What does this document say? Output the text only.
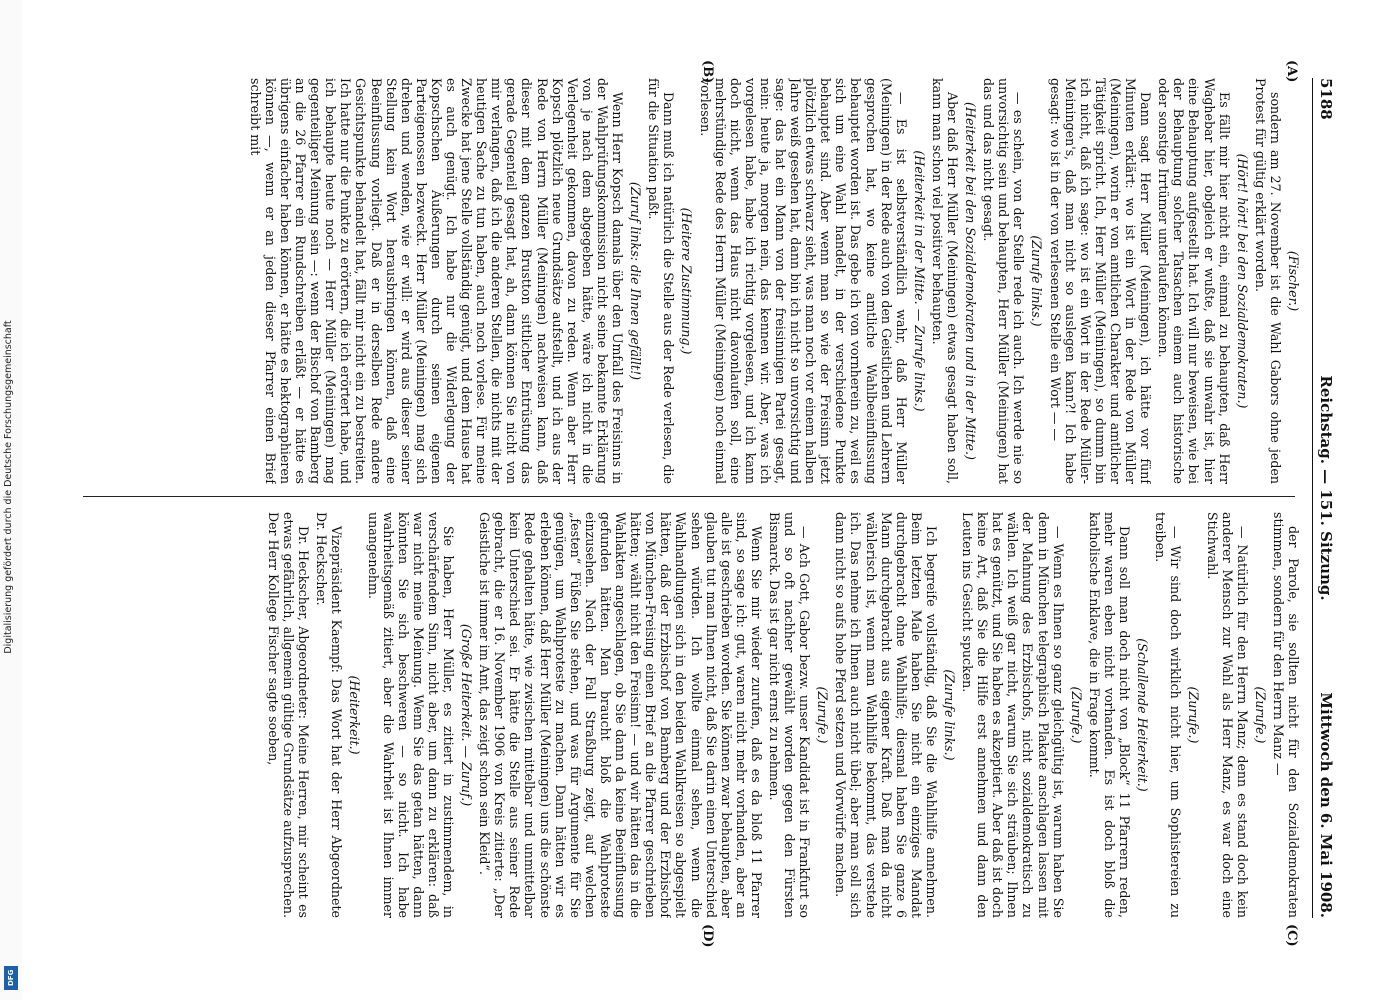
Digitalisierung gefördert durch die Deutsche Forschungsgemeinschaft
DFG
5188
Reichstag. — 151. Sitzung.
Mittwoch den 6. Mai 1908.
(A)
(B)
(C)
(D)

(Fischer.)

sondern am 27. November ist die Wahl Gabors ohne jeden Protest für gültig erklärt worden.

(Hört! hört! bei den Sozialdemokraten.)

Es fällt mir hier nicht ein, einmal zu behaupten, daß Herr Waghebar hier, obgleich er wußte, daß sie unwahr ist, hier eine Behauptung aufgestellt hat. Ich will nur beweisen, wie bei der Behauptung solcher Tatsachen einem auch historische oder sonstige Irrtümer unterlaufen können.

Dann sagt Herr Müller (Meiningen), ich hätte vor fünf Minuten erklärt: wo ist ein Wort in der Rede von Müller (Meiningen), worin er von amtlichen Charakter und amtlicher Tätigkeit spricht. Ich, Herr Müller (Meiningen), so dumm bin ich nicht, daß ich sage: wo ist ein Wort in der Rede Müller-Meiningen's, daß man nicht so auslegen kann?! Ich habe gesagt: wo ist in der von verlesenen Stelle ein Wort — —

(Zurufe links.)

— es schein, von der Stelle rede ich auch. Ich werde nie so unvorsichtig sein und behaupten, Herr Müller (Meiningen) hat das und das nicht gesagt.

(Heiterkeit bei den Sozialdemokraten und in der Mitte.)

Aber daß Herr Müller (Meiningen) etwas gesagt haben soll, kann man schon viel positiver behaupten.

(Heiterkeit in der Mitte. — Zurufe links.)

— Es ist selbstverständlich wahr, daß Herr Müller (Meiningen) in der Rede auch von den Geistlichen und Lehrern gesprochen hat, wo keine amtliche Wahlbeeinflussung behauptet worden ist. Das gebe ich von vornherein zu, weil es sich um eine Wahl handelt, in der verschiedene Punkte behauptet sind. Aber wenn man so wie der Freisinn jetzt plötzlich etwas schwarz sieht, was man noch vor einem halben Jahre weiß gesehen hat, dann bin ich nicht so unvorsichtig und sage: das hat ein Mann von der freisinnigen Partei gesagt, nein: heute ja, morgen nein, das kennen wir. Aber, was ich vorgelesen habe, habe ich richtig vorgelesen, und ich kann doch nicht, wenn das Haus nicht davonlaufen soll, eine mehrstündige Rede des Herrn Müller (Meiningen) noch einmal vorlesen.

(Heitere Zustimmung.)

Dann muß ich natürlich die Stelle aus der Rede verlesen, die für die Situation paßt.

(Zuruf links: die Ihnen gefällt!)

Wenn Herr Kopsch damals über den Umfall des Freisinns in der Wahlprüfungskommission nicht seine bekannte Erklärung von je nach dem abgegeben hätte, wäre ich nicht in die Verlegenheit gekommen, davon zu reden. Wenn aber Herr Kopsch plötzlich neue Grundsätze aufstellt, und ich aus der Rede von Herrn Müller (Meiningen) nachweisen kann, daß dieser mit dem ganzen Brustton sittlicher Entrüstung das gerade Gegenteil gesagt hat, ah, dann können Sie nicht von mir verlangen, daß ich die anderen Stellen, die nichts mit der heutigen Sache zu tun haben, auch noch vorlese. Für meine Zwecke hat jene Stelle vollständig genügt, und dem Hause hat es auch genügt. Ich habe nur die Widerlegung der Kopschschen Äußerungen durch seinen eigenen Parteigenossen bezweckt. Herr Müller (Meiningen) mag sich drehen und wenden, wie er will: er wird aus dieser seiner Stellung kein Wort herausbringen können, daß eine Beeinflussung vorliegt. Daß er in derselben Rede andere Gesichtspunkte behandelt hat, fällt mir nicht ein zu bestreiten. Ich hatte nur die Punkte zu erörtern, die ich erörtert habe, und ich behaupte heute noch — Herr Müller (Meiningen) mag gegenteiliger Meinung sein —: wenn der Bischof von Bamberg an die 26 Pfarrer ein Rundschreiben erläßt — er hätte es übrigens einfacher haben können, er hätte es hektographieren können —, wenn er an jeden dieser Pfarrer einen Brief schreibt mit

der Parole, sie sollten nicht für den Sozialdemokraten stimmen, sondern für den Herrn Manz —

(Zurufe.)

— Natürlich für den Herrn Manz; denn es stand doch kein anderer Mensch zur Wahl als Herr Manz, es war doch eine Stichwahl.

(Zurufe.)

— Wir sind doch wirklich nicht hier, um Sophistereien zu treiben.

(Schallende Heiterkeit.)

Dann soll man doch nicht von „Block“ 11 Pfarrern reden, mehr waren eben nicht vorhanden. Es ist doch bloß die katholische Enklave, die in Frage kommt.

(Zurufe.)

— Wenn es Ihnen so ganz gleichgültig ist, warum haben Sie denn in München telegraphisch Plakate anschlagen lassen mit der Mahnung des Erzbischofs, nicht sozialdemokratisch zu wählen. Ich weiß gar nicht, warum Sie sich sträuben; Ihnen hat es genützt, und Sie haben es akzeptiert. Aber daß ist doch keine Art, daß Sie die Hilfe erst annehmen und dann den Leuten ins Gesicht spucken.

(Zurufe links.)

Ich begreife vollständig, daß Sie die Wahlhilfe annehmen. Beim letzten Male haben Sie nicht ein einziges Mandat durchgebracht ohne Wahlhilfe; diesmal haben Sie ganze 6 Mann durchgebracht aus eigener Kraft. Daß man da nicht wählerisch ist, wenn man Wahlhilfe bekommt, das verstehe ich. Das nehme ich Ihnen auch nicht übel; aber man soll sich dann nicht so aufs hohe Pferd setzen und Vorwürfe machen.

(Zurufe.)

— Ach Gott, Gabor bezw. unser Kandidat ist in Frankfurt so und so oft nachher gewählt worden gegen den Fürsten Bismarck. Das ist gar nicht ernst zu nehmen.

Wenn Sie mir wieder zurufen, daß es da bloß 11 Pfarrer sind, so sage ich: gut, waren nicht mehr vorhanden, aber an alle ist geschrieben worden. Sie können zwar behaupten, aber glauben tut man Ihnen nicht, daß Sie darin einen Unterschied sehen würden. Ich wollte einmal sehen, wenn die Wahlhandlungen sich in den beiden Wahlkreisen so abgespielt hätten, daß der Erzbischof von Bamberg und der Erzbischof von München-Freising einen Brief an die Pfarrer geschrieben hätten; wählt nicht den Freisinn! — und wir hätten das in die Wahlakten angeschlagen, ob Sie dann da keine Beeinflussung gefunden hätten. Man braucht bloß die Wahlproteste einzusehen. Nach der Fall Straßburg zeigt, auf welchen „festen“ Füßen Sie stehen, und was für Argumente für Sie genügen, um Wahlproteste zu machen. Dann hätten wir es erleben können, daß Herr Müller (Meiningen) uns die schönste Rede gehalten hätte, wie zwischen mittelbar und unmittelbar kein Unterschied sei. Er hätte die Stelle aus seiner Rede gebracht, die er 16. November 1906 von Kreis zitierte: „Der Geistliche ist immer im Amt, das zeigt schon sein Kleid“.

(Große Heiterkeit. — Zuruf.)

Sie haben, Herr Müller, es zitiert in zustimmendem, in verschärfendem Sinn, nicht aber, um dann zu erklären: daß war nicht meine Meinung. Wenn Sie das getan hätten, dann könnten Sie sich beschweren — so nicht. Ich habe wahrheitsgemäß zitiert, aber die Wahrheit ist Ihnen immer unangenehm.

(Heiterkeit.)

Vizepräsident Kaempf: Das Wort hat der Herr Abgeordnete Dr. Heckscher.

Dr. Heckscher, Abgeordneter: Meine Herren, mir scheint es etwas gefährlich, allgemein gültige Grundsätze aufzusprechen. Der Herr Kollege Fischer sagte soeben,
